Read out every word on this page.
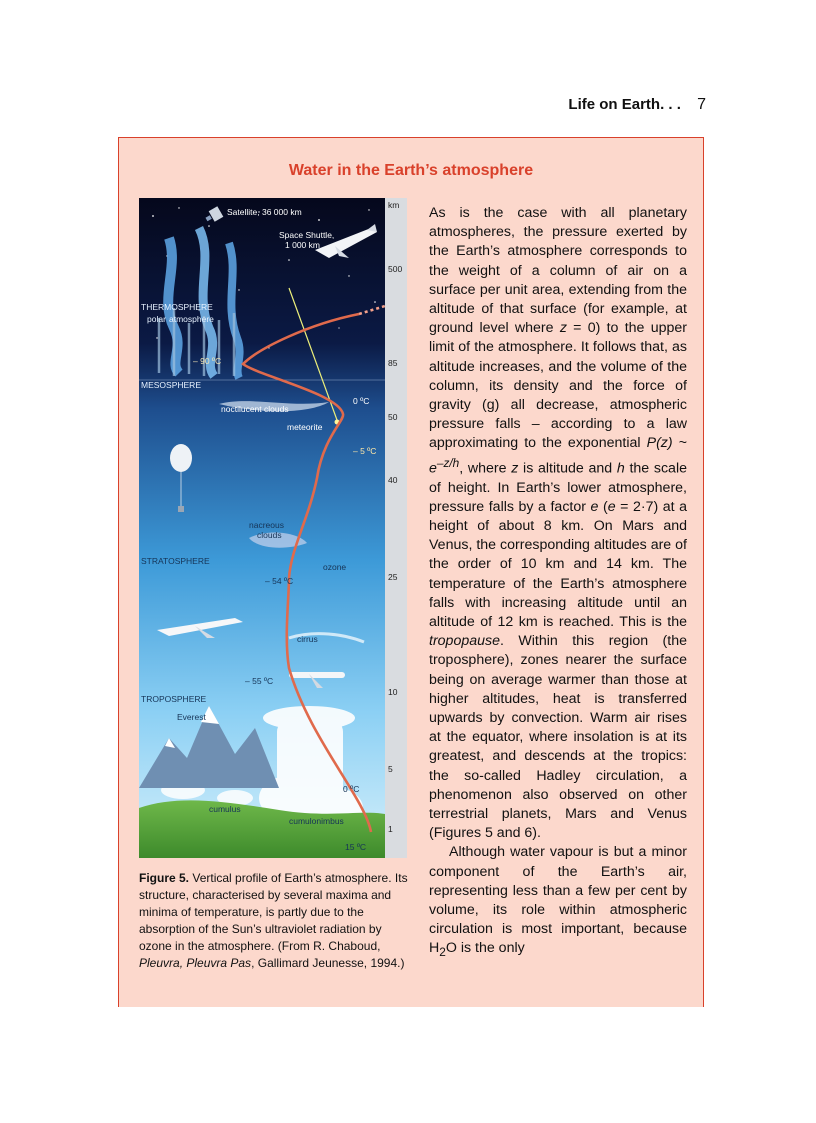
Life on Earth. . . 7
Water in the Earth’s atmosphere
Satellite, 36 000 km
Space Shuttle,
1 000 km
THERMOSPHERE
polar atmosphere
– 90 ºC
MESOSPHERE
noctilucent clouds
0 ºC
meteorite
– 5 ºC
nacreous
clouds
STRATOSPHERE
ozone
– 54 ºC
cirrus
– 55 ºC
TROPOSPHERE
Everest
0 ºC
cumulus
cumulonimbus
15 ºC
km
500
85
50
40
25
10
5
1
Figure 5. Vertical profile of Earth’s atmosphere. Its structure, characterised by several maxima and minima of temperature, is partly due to the absorption of the Sun’s ultraviolet radiation by ozone in the atmosphere. (From R. Chaboud, Pleuvra, Pleuvra Pas, Gallimard Jeunesse, 1994.)

As is the case with all planetary atmospheres, the pressure exerted by the Earth’s atmosphere corresponds to the weight of a column of air on a surface per unit area, extending from the altitude of that surface (for example, at ground level where z = 0) to the upper limit of the atmosphere. It follows that, as altitude increases, and the volume of the column, its density and the force of gravity (g) all decrease, atmospheric pressure falls – according to a law approximating to the exponential P(z) ~ $e^{-z/h}$, where z is altitude and h the scale of height. In Earth’s lower atmosphere, pressure falls by a factor e (e = 2·7) at a height of about 8 km. On Mars and Venus, the corresponding altitudes are of the order of 10 km and 14 km. The temperature of the Earth’s atmosphere falls with increasing altitude until an altitude of 12 km is reached. This is the tropopause. Within this region (the troposphere), zones nearer the surface being on average warmer than those at higher altitudes, heat is transferred upwards by convection. Warm air rises at the equator, where insolation is at its greatest, and descends at the tropics: the so-called Hadley circulation, a phenomenon also observed on other terrestrial planets, Mars and Venus (Figures 5 and 6).

Although water vapour is but a minor component of the Earth’s air, representing less than a few per cent by volume, its role within atmospheric circulation is most important, because $H_2O$ is the only
